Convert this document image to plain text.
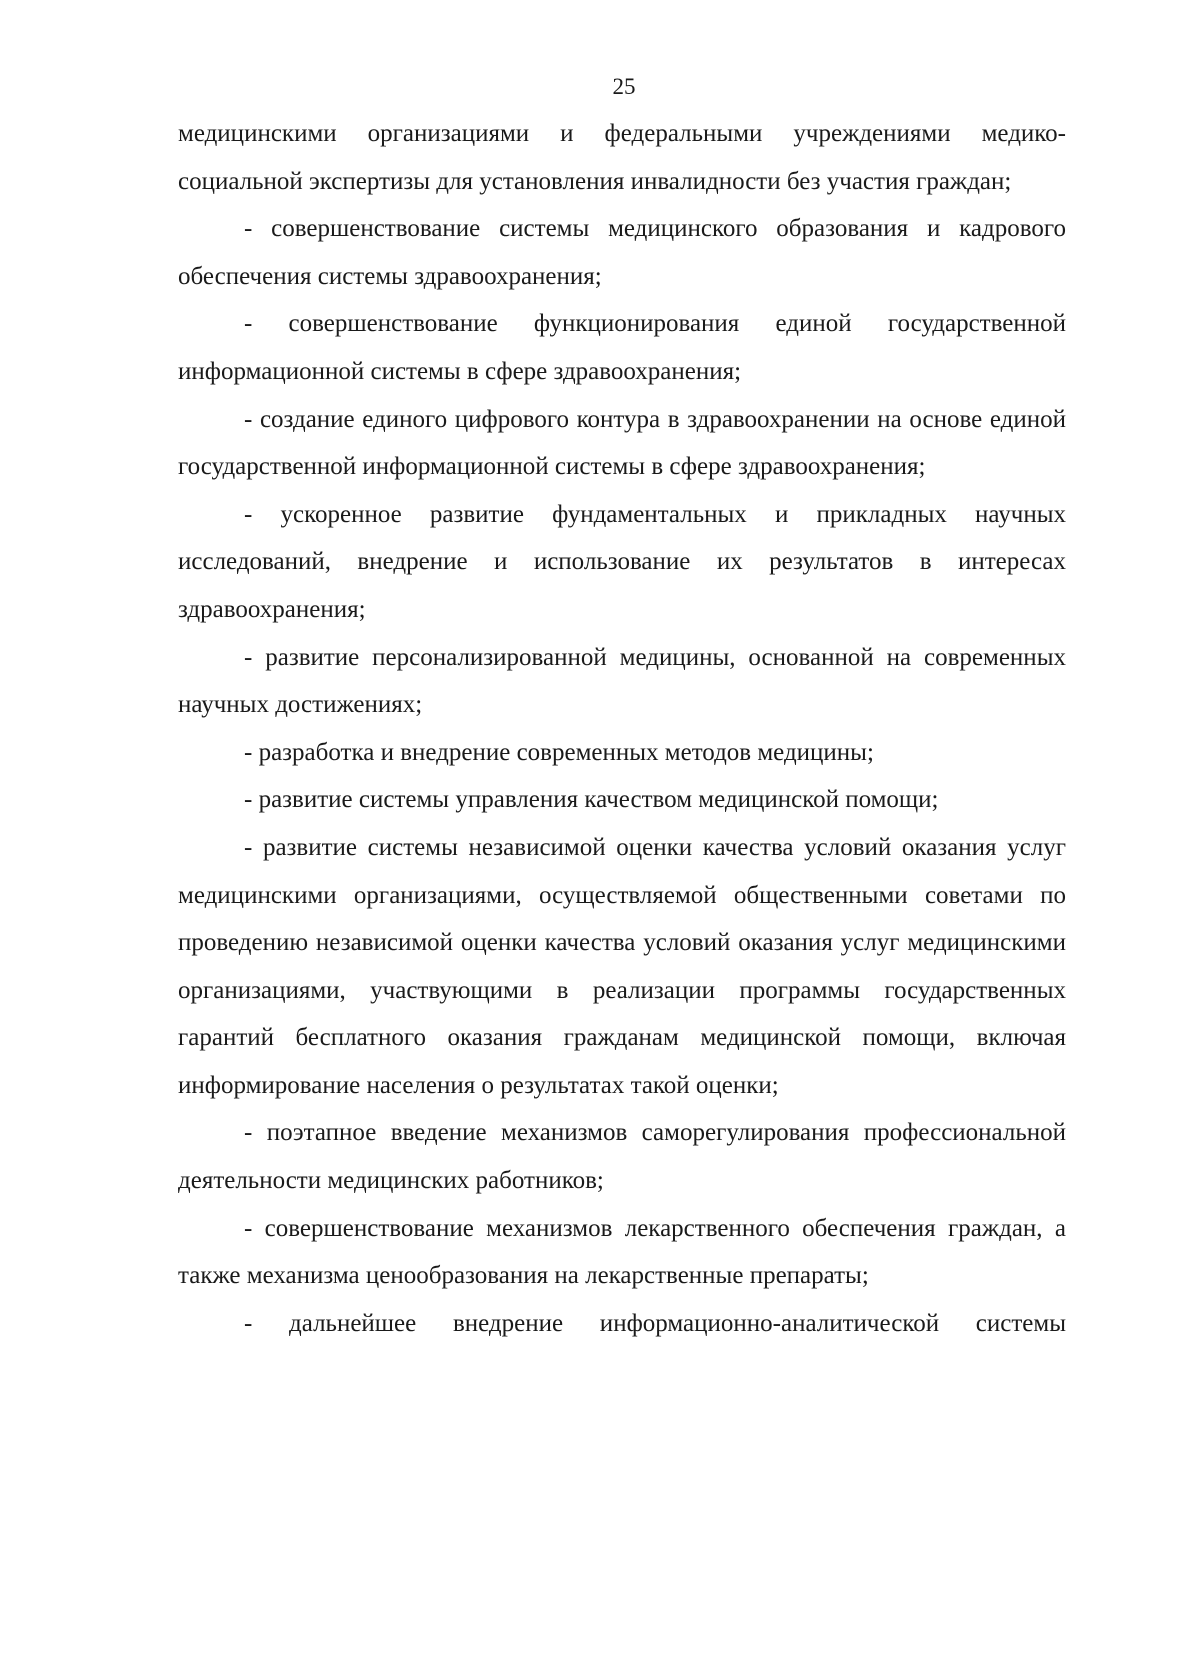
25

медицинскими организациями и федеральными учреждениями медико-социальной экспертизы для установления инвалидности без участия граждан;

- совершенствование системы медицинского образования и кадрового обеспечения системы здравоохранения;

- совершенствование функционирования единой государственной информационной системы в сфере здравоохранения;

- создание единого цифрового контура в здравоохранении на основе единой государственной информационной системы в сфере здравоохранения;

- ускоренное развитие фундаментальных и прикладных научных исследований, внедрение и использование их результатов в интересах здравоохранения;

- развитие персонализированной медицины, основанной на современных научных достижениях;

- разработка и внедрение современных методов медицины;

- развитие системы управления качеством медицинской помощи;

- развитие системы независимой оценки качества условий оказания услуг медицинскими организациями, осуществляемой общественными советами по проведению независимой оценки качества условий оказания услуг медицинскими организациями, участвующими в реализации программы государственных гарантий бесплатного оказания гражданам медицинской помощи, включая информирование населения о результатах такой оценки;

- поэтапное введение механизмов саморегулирования профессиональной деятельности медицинских работников;

- совершенствование механизмов лекарственного обеспечения граждан, а также механизма ценообразования на лекарственные препараты;

- дальнейшее внедрение информационно-аналитической системы
